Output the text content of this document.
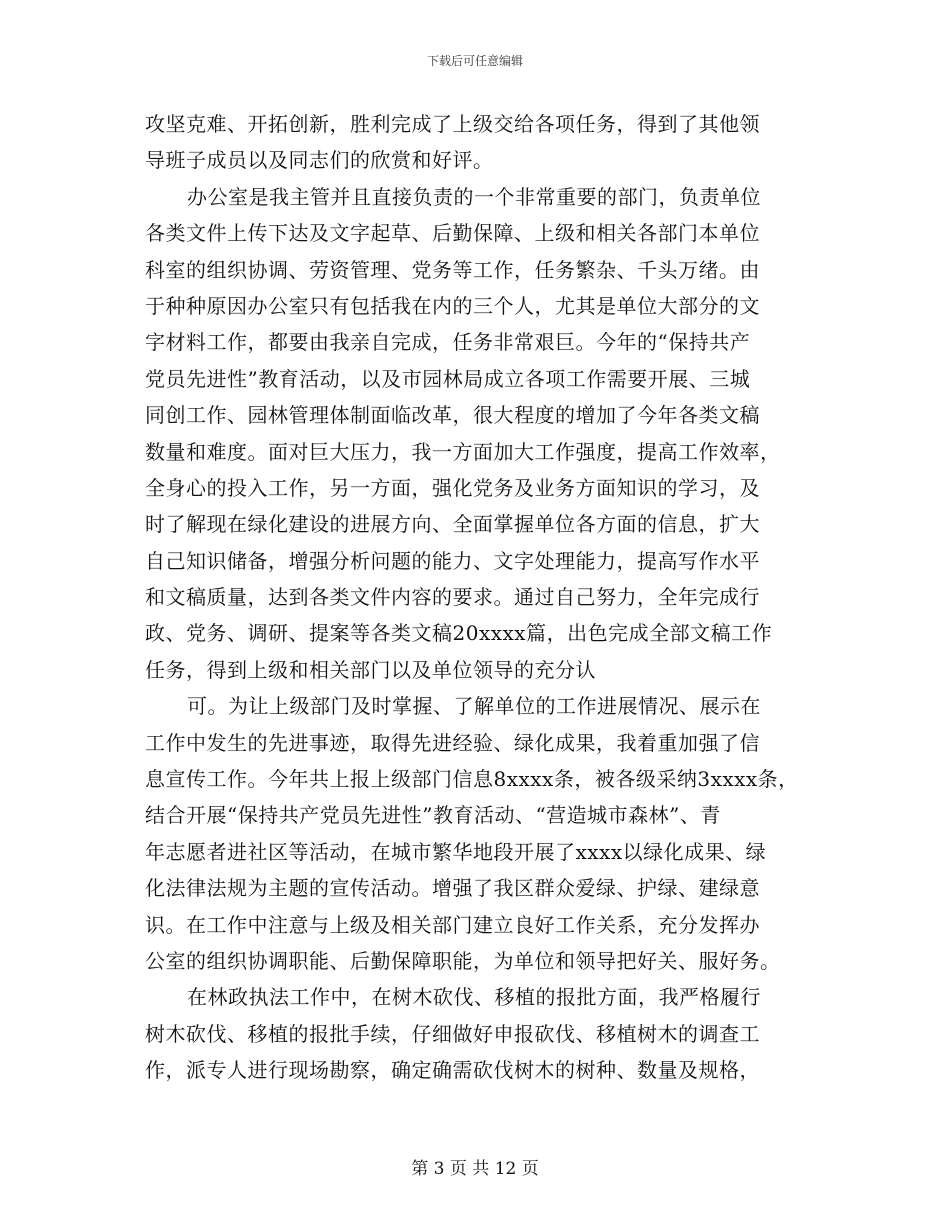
下载后可任意编辑
攻坚克难、开拓创新，胜利完成了上级交给各项任务，得到了其他领
导班子成员以及同志们的欣赏和好评。
办公室是我主管并且直接负责的一个非常重要的部门，负责单位
各类文件上传下达及文字起草、后勤保障、上级和相关各部门本单位
科室的组织协调、劳资管理、党务等工作，任务繁杂、千头万绪。由
于种种原因办公室只有包括我在内的三个人，尤其是单位大部分的文
字材料工作，都要由我亲自完成，任务非常艰巨。今年的“保持共产
党员先进性”教育活动，以及市园林局成立各项工作需要开展、三城
同创工作、园林管理体制面临改革，很大程度的增加了今年各类文稿
数量和难度。面对巨大压力，我一方面加大工作强度，提高工作效率，
全身心的投入工作，另一方面，强化党务及业务方面知识的学习，及
时了解现在绿化建设的进展方向、全面掌握单位各方面的信息，扩大
自己知识储备，增强分析问题的能力、文字处理能力，提高写作水平
和文稿质量，达到各类文件内容的要求。通过自己努力，全年完成行
政、党务、调研、提案等各类文稿20xxxx篇，出色完成全部文稿工作
任务，得到上级和相关部门以及单位领导的充分认
可。为让上级部门及时掌握、了解单位的工作进展情况、展示在
工作中发生的先进事迹，取得先进经验、绿化成果，我着重加强了信
息宣传工作。今年共上报上级部门信息8xxxx条，被各级采纳3xxxx条，
结合开展“保持共产党员先进性”教育活动、“营造城市森林”、青
年志愿者进社区等活动，在城市繁华地段开展了xxxx以绿化成果、绿
化法律法规为主题的宣传活动。增强了我区群众爱绿、护绿、建绿意
识。在工作中注意与上级及相关部门建立良好工作关系，充分发挥办
公室的组织协调职能、后勤保障职能，为单位和领导把好关、服好务。
在林政执法工作中，在树木砍伐、移植的报批方面，我严格履行
树木砍伐、移植的报批手续，仔细做好申报砍伐、移植树木的调查工
作，派专人进行现场勘察，确定确需砍伐树木的树种、数量及规格，
第 3 页 共 12 页
